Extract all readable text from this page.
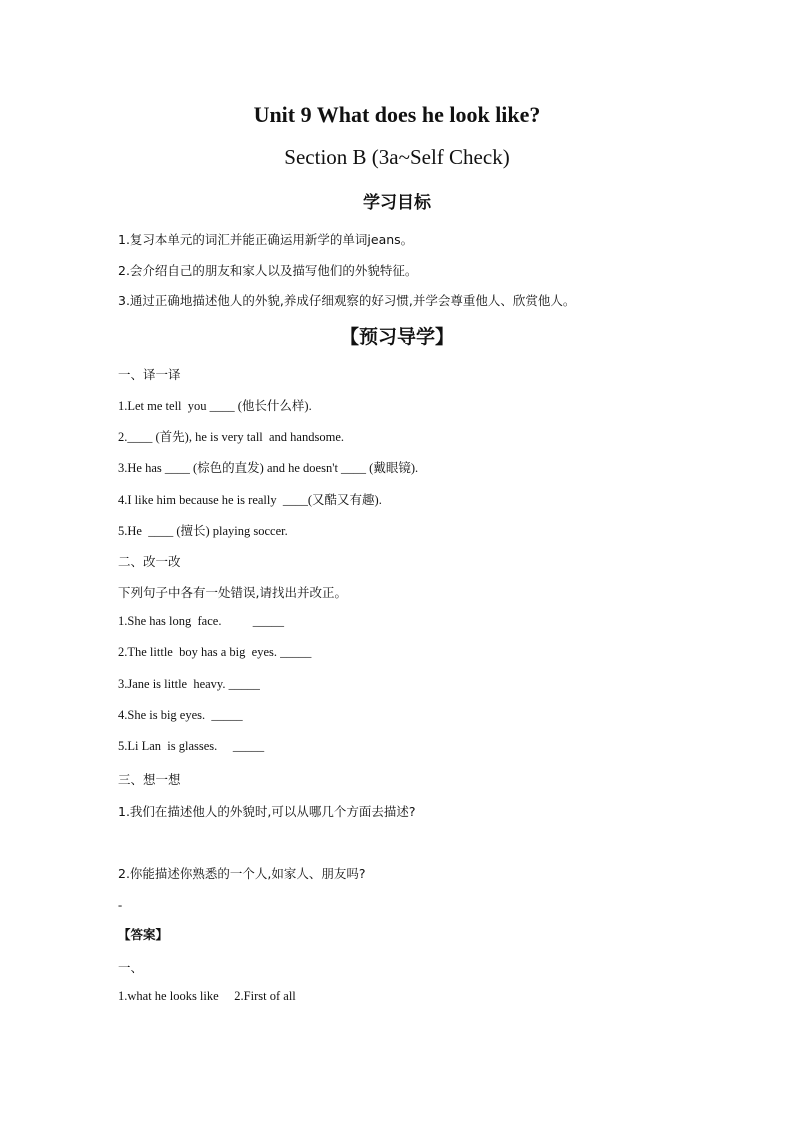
Unit 9 What does he look like?
Section B (3a~Self Check)
学习目标
1.复习本单元的词汇并能正确运用新学的单词jeans。
2.会介绍自己的朋友和家人以及描写他们的外貌特征。
3.通过正确地描述他人的外貌,养成仔细观察的好习惯,并学会尊重他人、欣赏他人。
【预习导学】
一、译一译
1.Let me tell  you ____ (他长什么样).
2.____ (首先), he is very tall  and handsome.
3.He has ____ (棕色的直发) and he doesn't ____ (戴眼镜).
4.I like him because he is really  ____(又酷又有趣).
5.He  ____ (擅长) playing soccer.
二、改一改
下列句子中各有一处错误,请找出并改正。
1.She has long  face.          _____
2.The little  boy has a big  eyes. _____
3.Jane is little  heavy. _____
4.She is big eyes.  _____
5.Li Lan  is glasses.     _____
三、想一想
1.我们在描述他人的外貌时,可以从哪几个方面去描述?
2.你能描述你熟悉的一个人,如家人、朋友吗?
-
【答案】
一、
1.what he looks like     2.First of all
